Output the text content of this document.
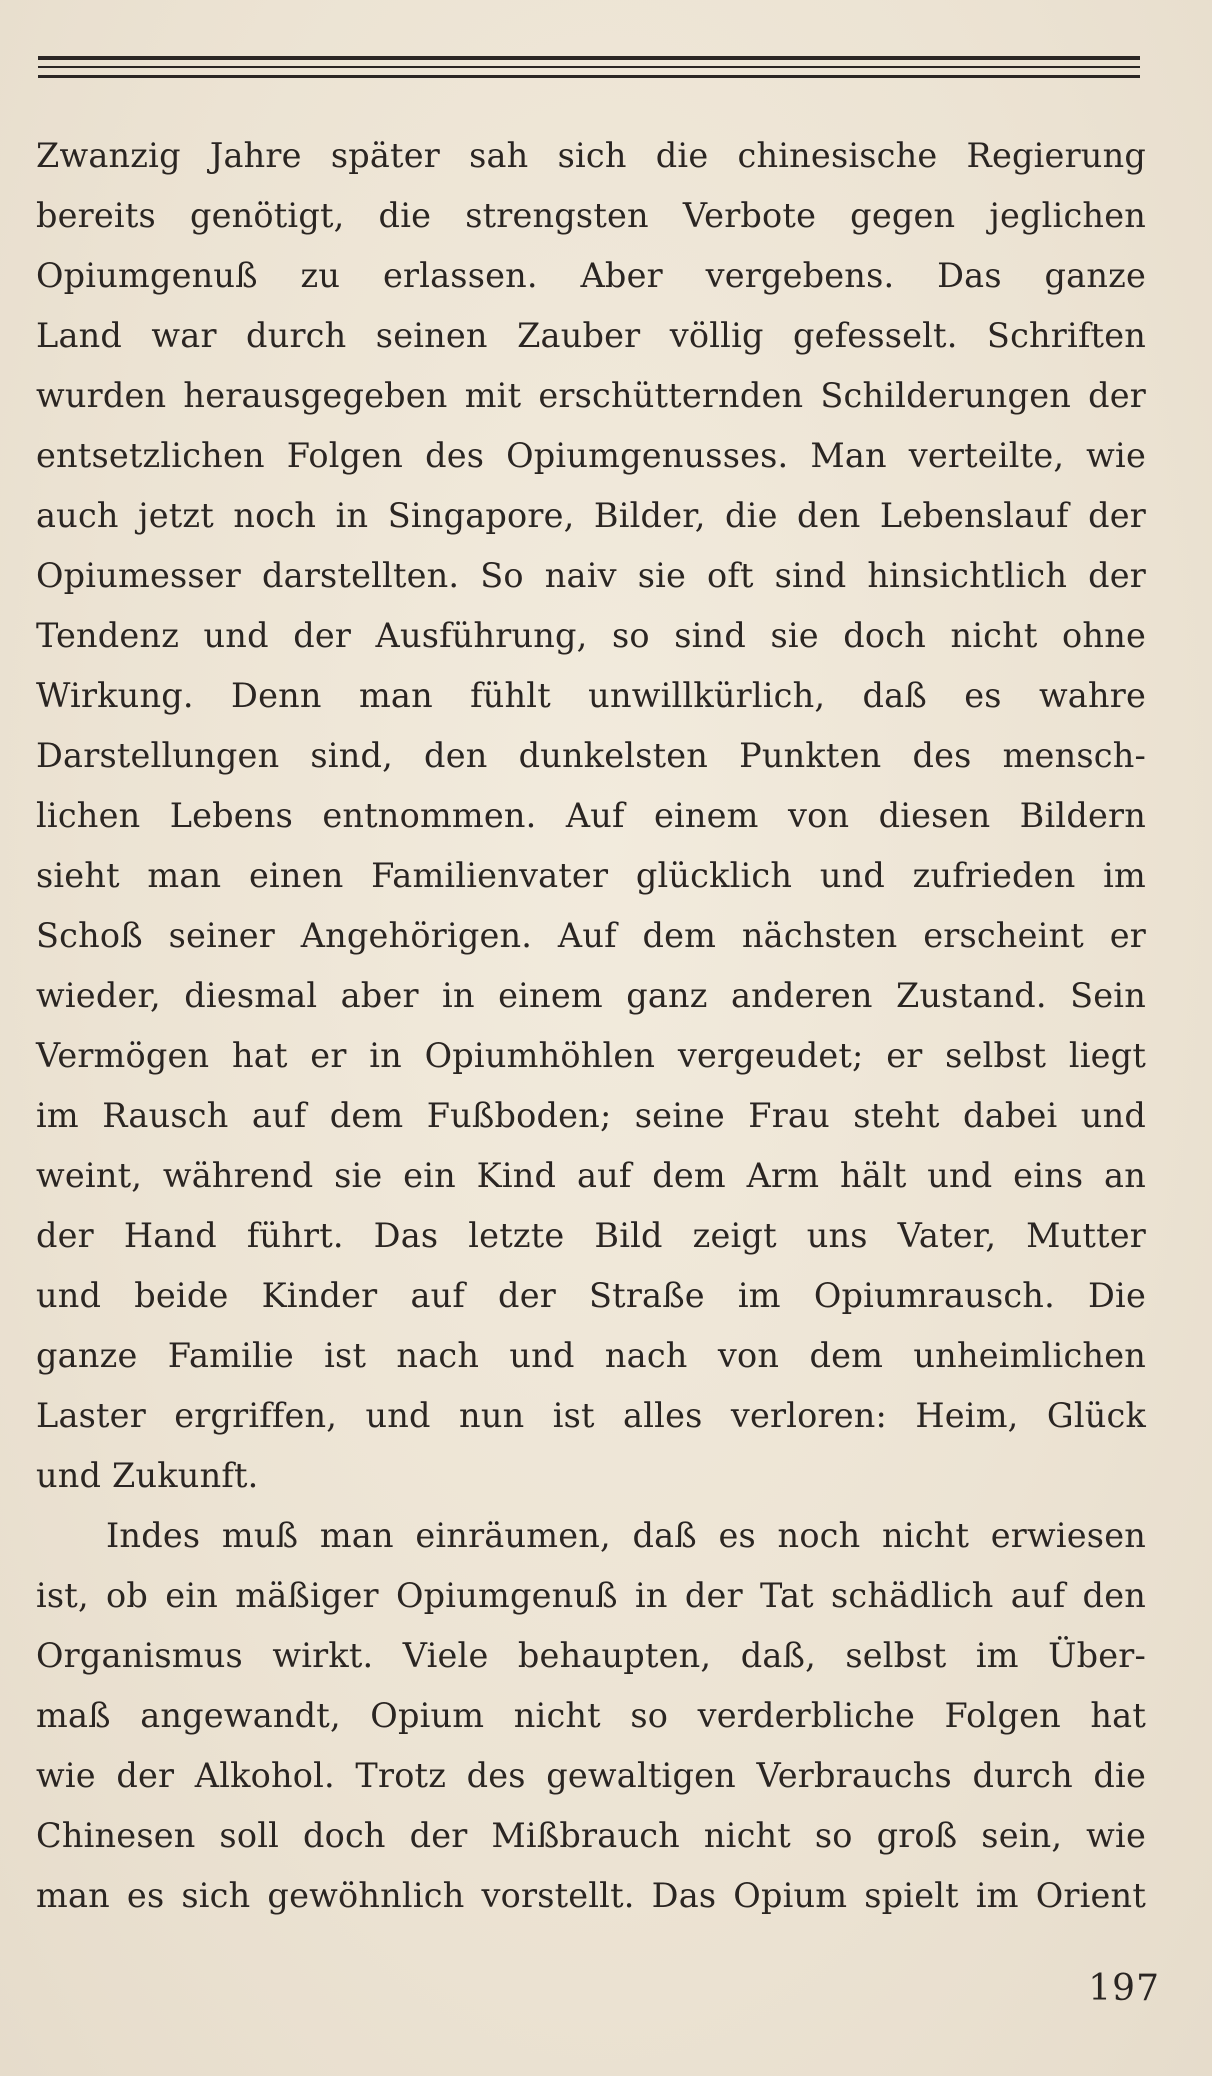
Zwanzig Jahre später sah sich die chinesische Regierung
bereits genötigt, die strengsten Verbote gegen jeglichen
Opiumgenuß zu erlassen. Aber vergebens. Das ganze
Land war durch seinen Zauber völlig gefesselt. Schriften
wurden herausgegeben mit erschütternden Schilderungen der
entsetzlichen Folgen des Opiumgenusses. Man verteilte, wie
auch jetzt noch in Singapore, Bilder, die den Lebenslauf der
Opiumesser darstellten. So naiv sie oft sind hinsichtlich der
Tendenz und der Ausführung, so sind sie doch nicht ohne
Wirkung. Denn man fühlt unwillkürlich, daß es wahre
Darstellungen sind, den dunkelsten Punkten des mensch-
lichen Lebens entnommen. Auf einem von diesen Bildern
sieht man einen Familienvater glücklich und zufrieden im
Schoß seiner Angehörigen. Auf dem nächsten erscheint er
wieder, diesmal aber in einem ganz anderen Zustand. Sein
Vermögen hat er in Opiumhöhlen vergeudet; er selbst liegt
im Rausch auf dem Fußboden; seine Frau steht dabei und
weint, während sie ein Kind auf dem Arm hält und eins an
der Hand führt. Das letzte Bild zeigt uns Vater, Mutter
und beide Kinder auf der Straße im Opiumrausch. Die
ganze Familie ist nach und nach von dem unheimlichen
Laster ergriffen, und nun ist alles verloren: Heim, Glück
und Zukunft.
Indes muß man einräumen, daß es noch nicht erwiesen
ist, ob ein mäßiger Opiumgenuß in der Tat schädlich auf den
Organismus wirkt. Viele behaupten, daß, selbst im Über-
maß angewandt, Opium nicht so verderbliche Folgen hat
wie der Alkohol. Trotz des gewaltigen Verbrauchs durch die
Chinesen soll doch der Mißbrauch nicht so groß sein, wie
man es sich gewöhnlich vorstellt. Das Opium spielt im Orient
197
